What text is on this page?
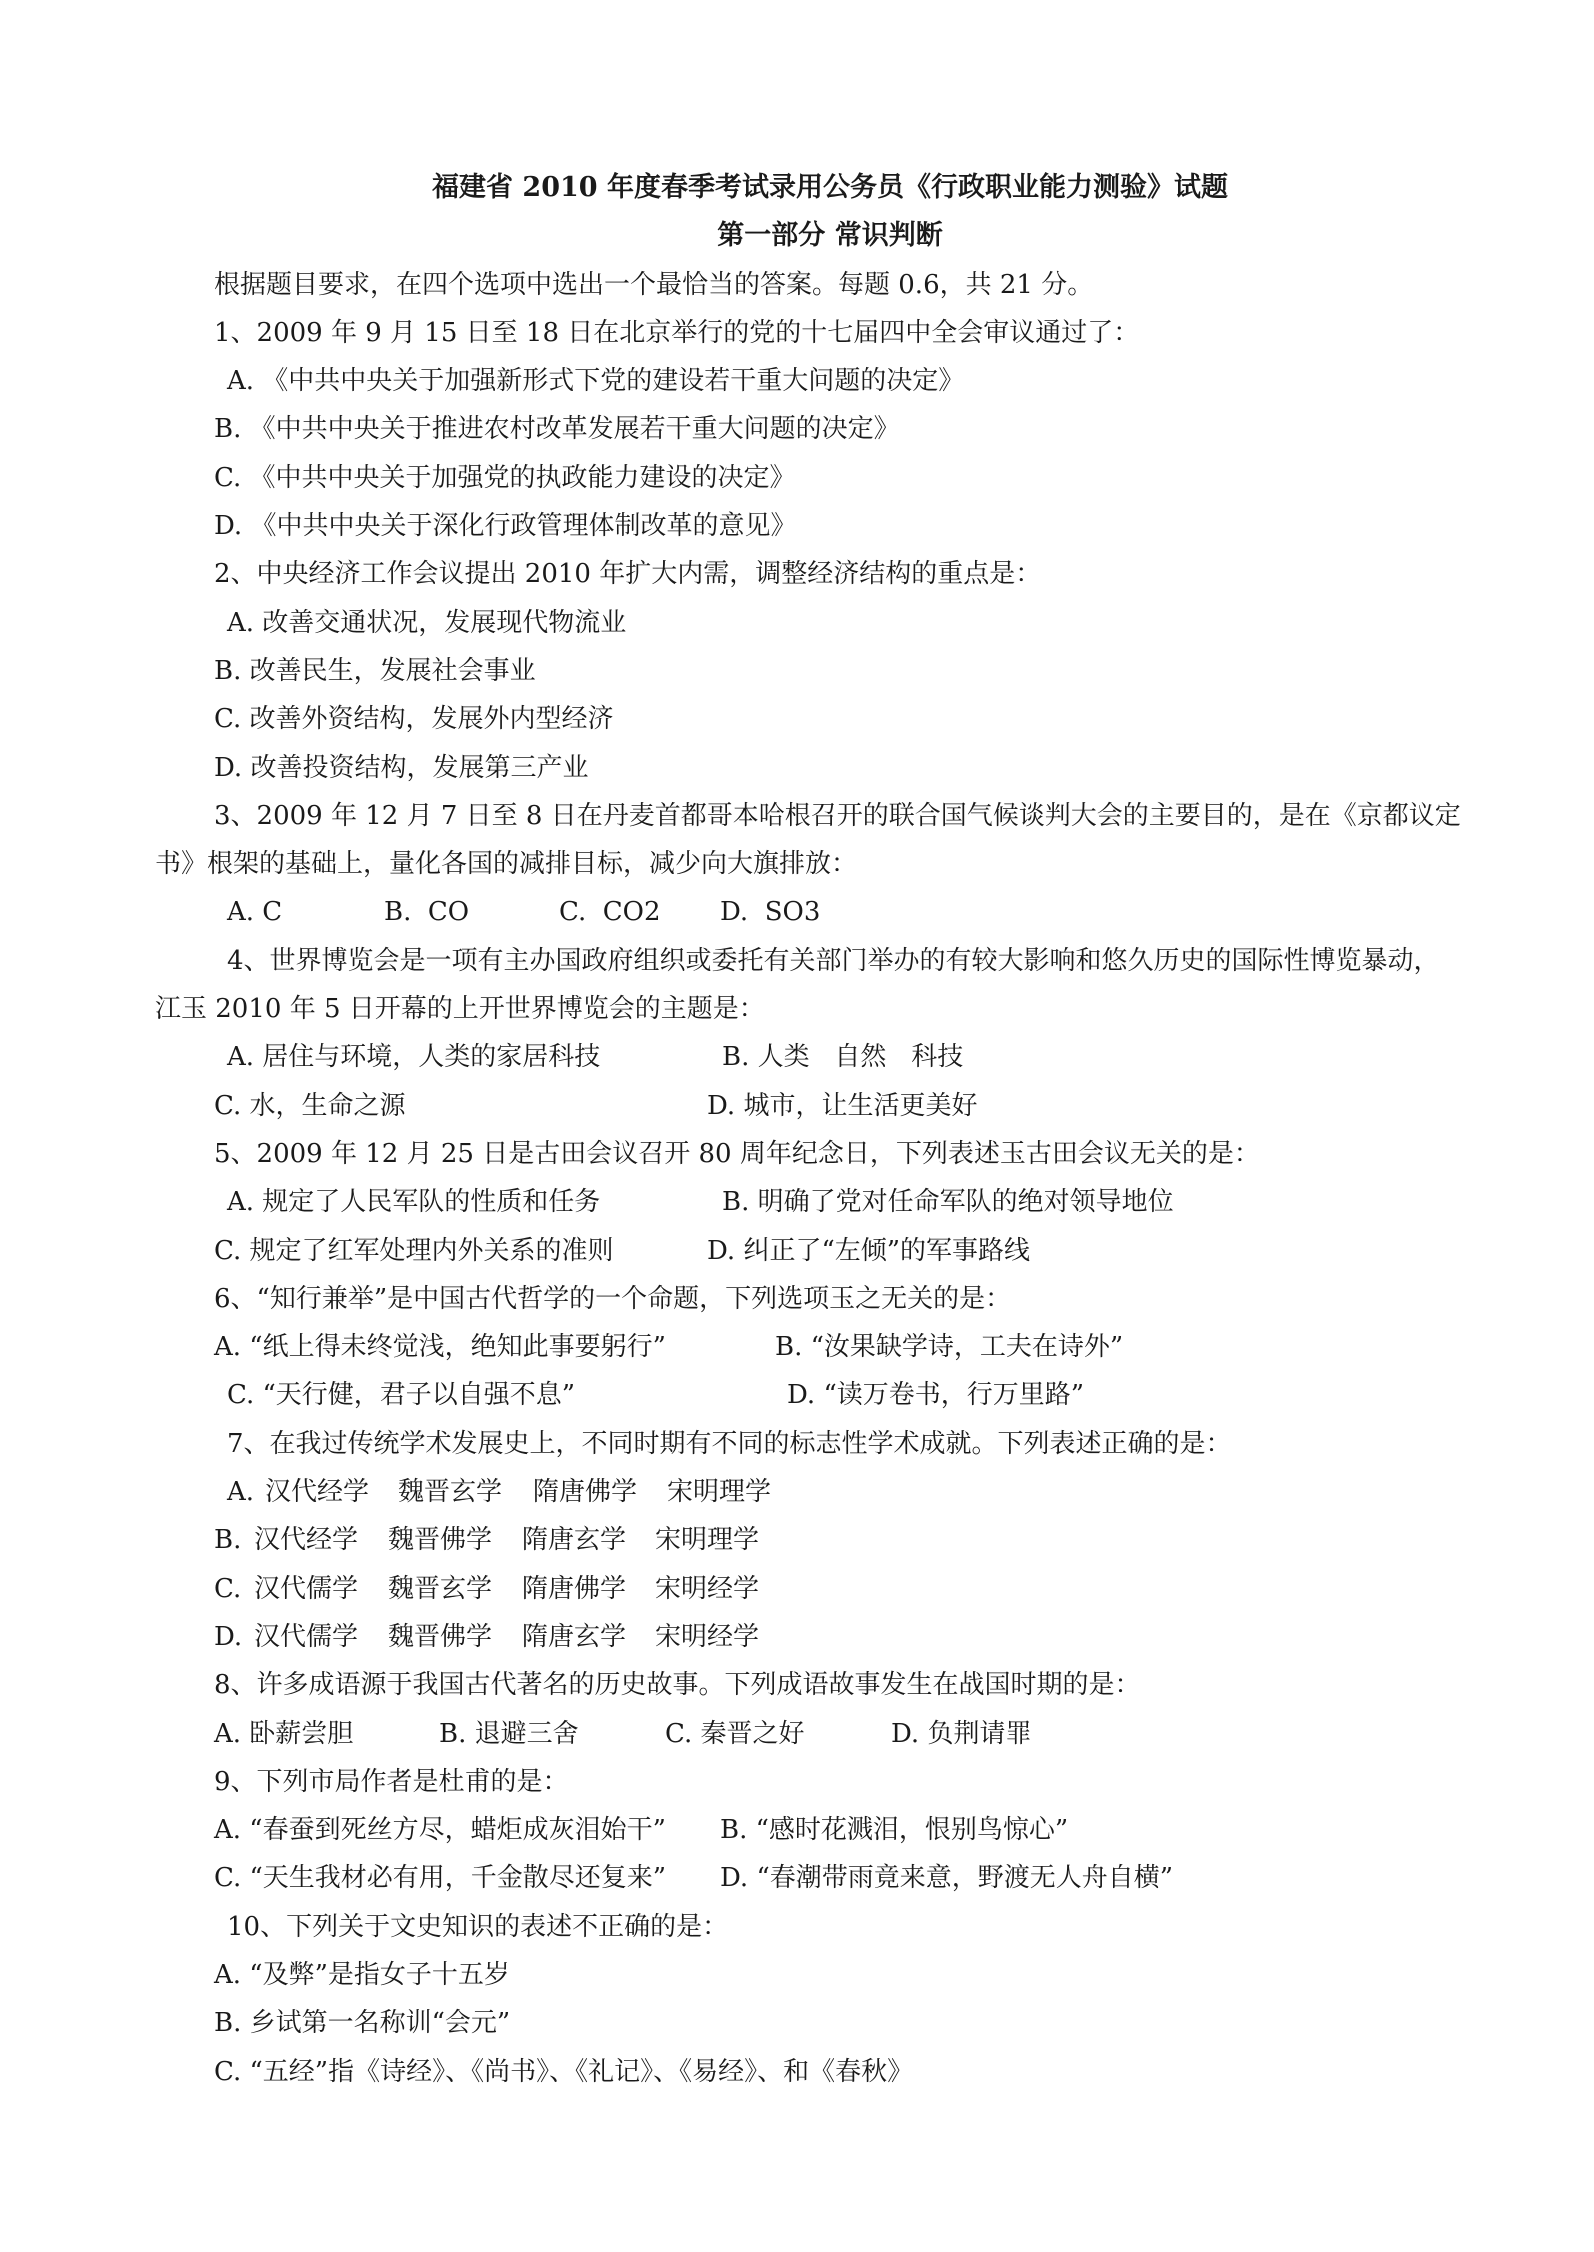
福建省 2010 年度春季考试录用公务员《行政职业能力测验》试题
第一部分 常识判断
根据题目要求，在四个选项中选出一个最恰当的答案。每题 0.6，共 21 分。
1、2009 年 9 月 15 日至 18 日在北京举行的党的十七届四中全会审议通过了：
A. 《中共中央关于加强新形式下党的建设若干重大问题的决定》
B. 《中共中央关于推进农村改革发展若干重大问题的决定》
C. 《中共中央关于加强党的执政能力建设的决定》
D. 《中共中央关于深化行政管理体制改革的意见》
2、中央经济工作会议提出 2010 年扩大内需，调整经济结构的重点是：
A. 改善交通状况，发展现代物流业
B. 改善民生，发展社会事业
C. 改善外资结构，发展外内型经济
D. 改善投资结构，发展第三产业
3、2009 年 12 月 7 日至 8 日在丹麦首都哥本哈根召开的联合国气候谈判大会的主要目的，是在《京都议定
书》根架的基础上，量化各国的减排目标，减少向大旗排放：
A. C	B.  CO	C.  CO2 D.  SO3
4、世界博览会是一项有主办国政府组织或委托有关部门举办的有较大影响和悠久历史的国际性博览暴动，
江玉 2010 年 5 日开幕的上开世界博览会的主题是：
A. 居住与环境，人类的家居科技	B. 人类   自然   科技
C. 水，生命之源	D. 城市，让生活更美好
5、2009 年 12 月 25 日是古田会议召开 80 周年纪念日，下列表述玉古田会议无关的是：
A. 规定了人民军队的性质和任务	B. 明确了党对任命军队的绝对领导地位
C. 规定了红军处理内外关系的准则	D. 纠正了“左倾”的军事路线
6、“知行兼举”是中国古代哲学的一个命题，下列选项玉之无关的是：
A. “纸上得未终觉浅，绝知此事要躬行”	B. “汝果缺学诗，工夫在诗外”
C. “天行健，君子以自强不息”	D. “读万卷书，行万里路”
7、在我过传统学术发展史上，不同时期有不同的标志性学术成就。下列表述正确的是：
A. 汉代经学 魏晋玄学 隋唐佛学 宋明理学
B. 汉代经学 魏晋佛学 隋唐玄学 宋明理学
C. 汉代儒学 魏晋玄学 隋唐佛学 宋明经学
D. 汉代儒学 魏晋佛学 隋唐玄学 宋明经学
8、许多成语源于我国古代著名的历史故事。下列成语故事发生在战国时期的是：
A. 卧薪尝胆	B. 退避三舍	C. 秦晋之好	D. 负荆请罪
9、下列市局作者是杜甫的是：
A. “春蚕到死丝方尽，蜡炬成灰泪始干” B. “感时花溅泪，恨别鸟惊心”
C. “天生我材必有用，千金散尽还复来” D. “春潮带雨竟来意，野渡无人舟自横”
10、下列关于文史知识的表述不正确的是：
A. “及弊”是指女子十五岁
B. 乡试第一名称训“会元”
C. “五经”指《诗经》、《尚书》、《礼记》、《易经》、和《春秋》
